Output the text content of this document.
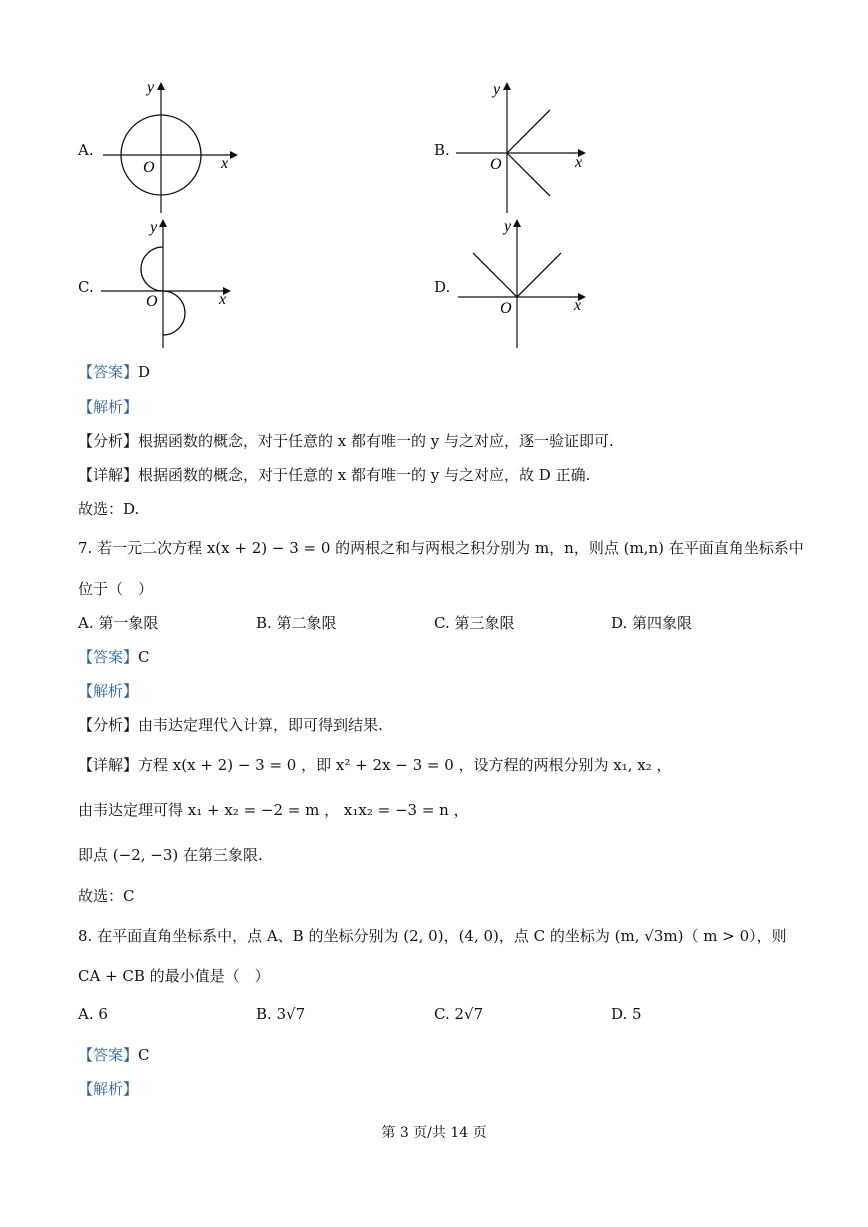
A.
y
x
O
B.
y
x
O
C.
y
x
O
D.
y
x
O
【答案】D
【解析】
【分析】根据函数的概念，对于任意的 x 都有唯一的 y 与之对应，逐一验证即可.
【详解】根据函数的概念，对于任意的 x 都有唯一的 y 与之对应，故 D 正确.
故选：D.
7. 若一元二次方程 x(x + 2) − 3 = 0 的两根之和与两根之积分别为 m，n，则点 (m,n) 在平面直角坐标系中
位于（　）
A. 第一象限	B. 第二象限	C. 第三象限	D. 第四象限
【答案】C
【解析】
【分析】由韦达定理代入计算，即可得到结果.
【详解】方程 x(x + 2) − 3 = 0 ，即 x² + 2x − 3 = 0 ，设方程的两根分别为 x₁, x₂ ，
由韦达定理可得 x₁ + x₂ = −2 = m ， x₁x₂ = −3 = n ，
即点 (−2, −3) 在第三象限.
故选：C
8. 在平面直角坐标系中，点 A、B 的坐标分别为 (2, 0)，(4, 0)，点 C 的坐标为 (m, √3m)（ m > 0），则
CA + CB 的最小值是（　）
A. 6	B. 3√7	C. 2√7	D. 5
【答案】C
【解析】
第 3 页/共 14 页
